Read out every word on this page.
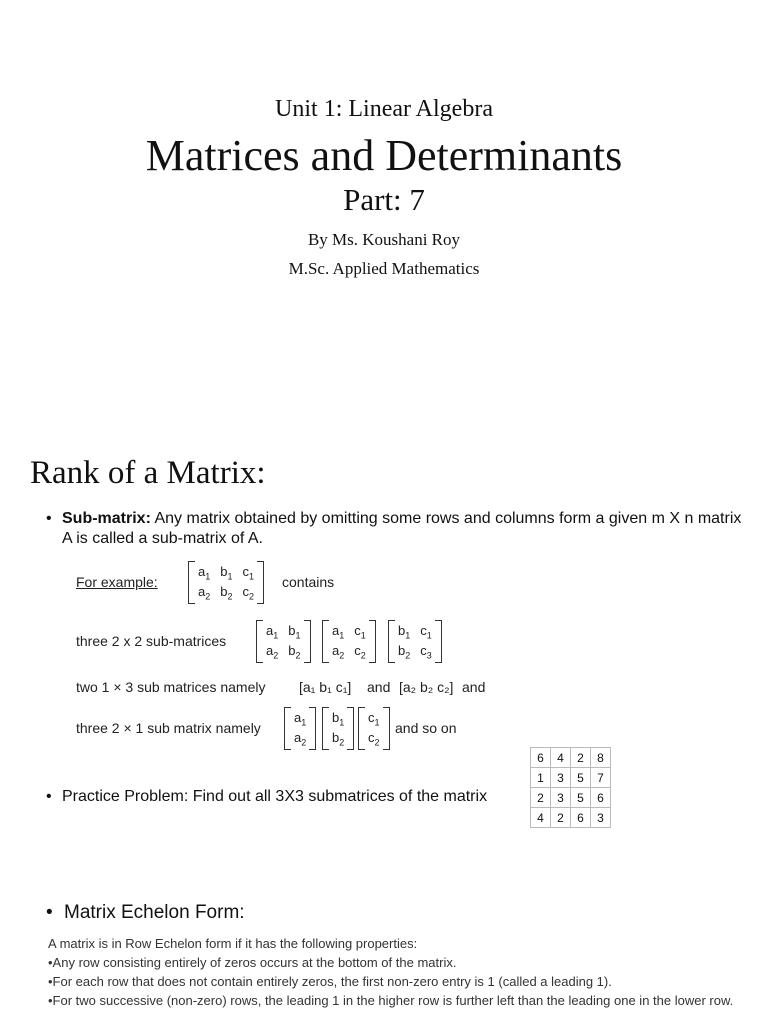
Unit 1: Linear Algebra
Matrices and Determinants
Part: 7
By Ms. Koushani Roy
M.Sc. Applied Mathematics
Rank of a Matrix:
• Sub-matrix: Any matrix obtained by omitting some rows and columns form a given m X n matrix A is called a sub-matrix of A.
For example:
$a_1$	$b_1$	$c_1$
$a_2$	$b_2$	$c_2$
contains
three 2 x 2 sub-matrices
$a_1$	$b_1$
$a_2$	$b_2$
$a_1$	$c_1$
$a_2$	$c_2$
$b_1$	$c_1$
$b_2$	$c_3$
two 1 × 3 sub matrices namely [a₁ b₁ c₁] and [a₂ b₂ c₂] and
three 2 × 1 sub matrix namely
$a_1$
$a_2$
$b_1$
$b_2$
$c_1$
$c_2$
and so on
• Practice Problem: Find out all 3X3 submatrices of the matrix
6	4	2	8
1	3	5	7
2	3	5	6
4	2	6	3
• Matrix Echelon Form:
A matrix is in Row Echelon form if it has the following properties:
•Any row consisting entirely of zeros occurs at the bottom of the matrix.
•For each row that does not contain entirely zeros, the first non-zero entry is 1 (called a leading 1).
•For two successive (non-zero) rows, the leading 1 in the higher row is further left than the leading one in the lower row.
